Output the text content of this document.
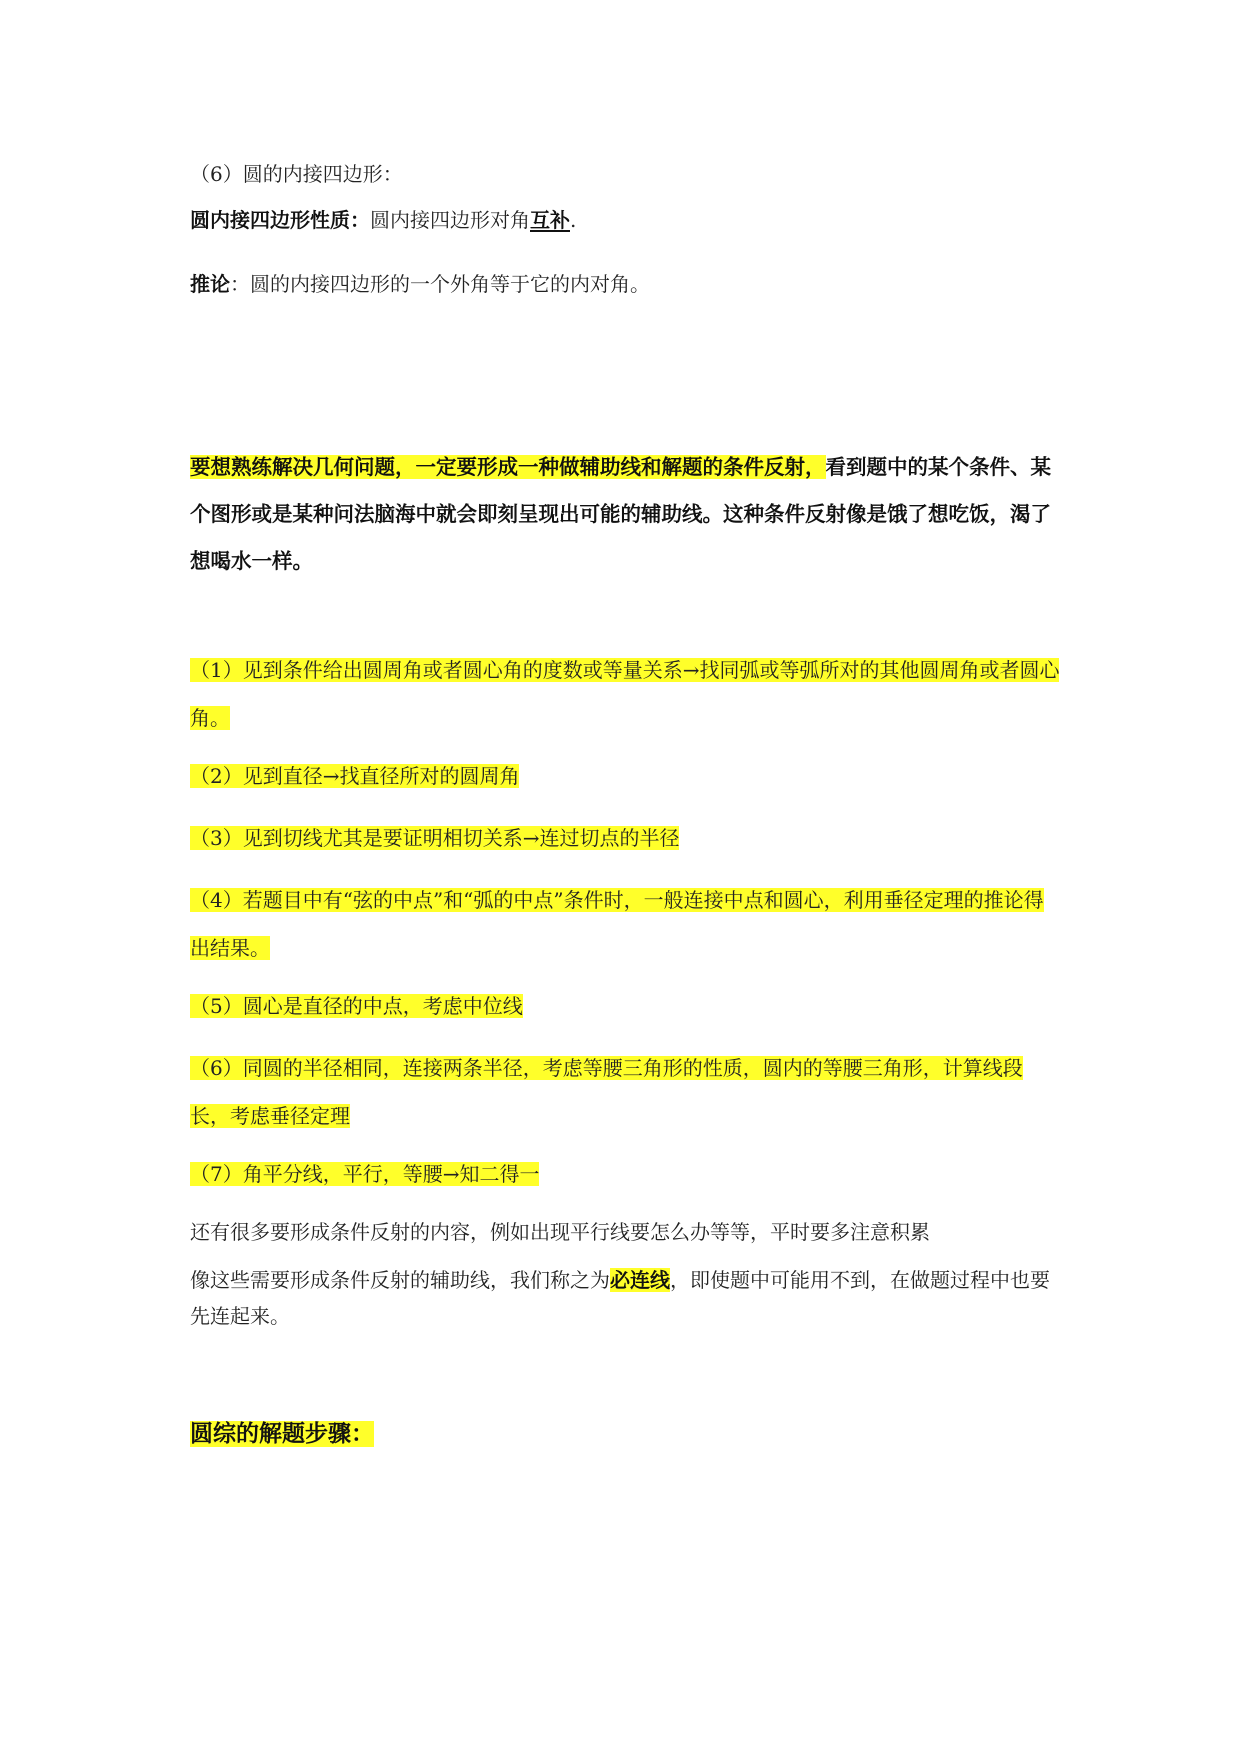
（6）圆的内接四边形：

圆内接四边形性质：圆内接四边形对角互补.

推论：圆的内接四边形的一个外角等于它的内对角。

要想熟练解决几何问题，一定要形成一种做辅助线和解题的条件反射，看到题中的某个条件、某个图形或是某种问法脑海中就会即刻呈现出可能的辅助线。这种条件反射像是饿了想吃饭，渴了想喝水一样。

（1）见到条件给出圆周角或者圆心角的度数或等量关系→找同弧或等弧所对的其他圆周角或者圆心角。

（2）见到直径→找直径所对的圆周角

（3）见到切线尤其是要证明相切关系→连过切点的半径

（4）若题目中有“弦的中点”和“弧的中点”条件时，一般连接中点和圆心，利用垂径定理的推论得出结果。

（5）圆心是直径的中点，考虑中位线

（6）同圆的半径相同，连接两条半径，考虑等腰三角形的性质，圆内的等腰三角形，计算线段长，考虑垂径定理

（7）角平分线，平行，等腰→知二得一

还有很多要形成条件反射的内容，例如出现平行线要怎么办等等，平时要多注意积累

像这些需要形成条件反射的辅助线，我们称之为必连线，即使题中可能用不到，在做题过程中也要先连起来。

圆综的解题步骤：
